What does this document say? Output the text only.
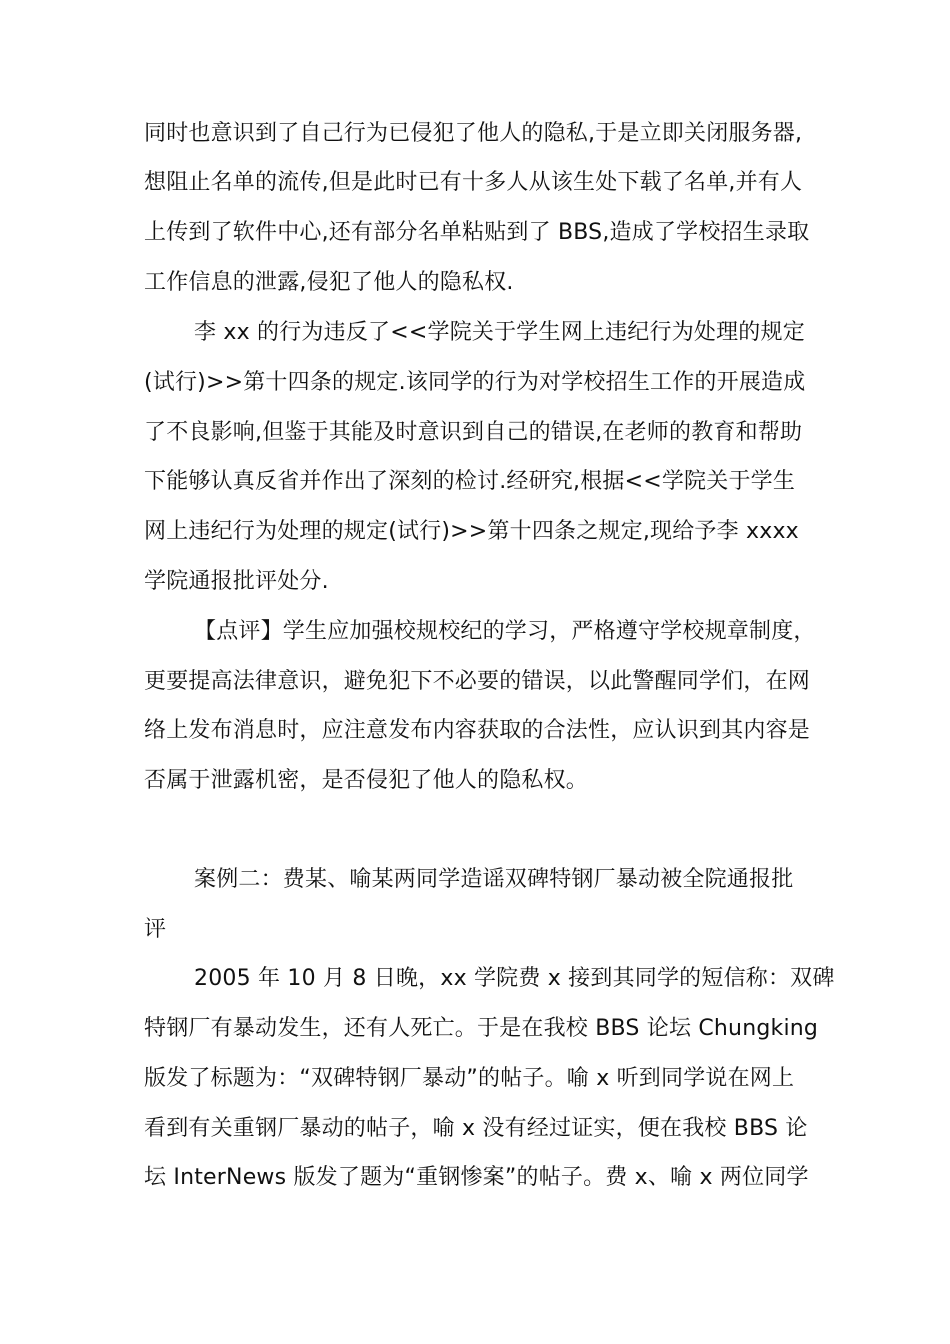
同时也意识到了自己行为已侵犯了他人的隐私,于是立即关闭服务器,
想阻止名单的流传,但是此时已有十多人从该生处下载了名单,并有人
上传到了软件中心,还有部分名单粘贴到了 BBS,造成了学校招生录取
工作信息的泄露,侵犯了他人的隐私权.
李 xx 的行为违反了<<学院关于学生网上违纪行为处理的规定
(试行)>>第十四条的规定.该同学的行为对学校招生工作的开展造成
了不良影响,但鉴于其能及时意识到自己的错误,在老师的教育和帮助
下能够认真反省并作出了深刻的检讨.经研究,根据<<学院关于学生
网上违纪行为处理的规定(试行)>>第十四条之规定,现给予李 xxxx
学院通报批评处分.
【点评】学生应加强校规校纪的学习，严格遵守学校规章制度，
更要提高法律意识，避免犯下不必要的错误，以此警醒同学们，在网
络上发布消息时，应注意发布内容获取的合法性，应认识到其内容是
否属于泄露机密，是否侵犯了他人的隐私权。
案例二：费某、喻某两同学造谣双碑特钢厂暴动被全院通报批
评
2005 年 10 月 8 日晚，xx 学院费 x 接到其同学的短信称：双碑
特钢厂有暴动发生，还有人死亡。于是在我校 BBS 论坛 Chungking
版发了标题为：“双碑特钢厂暴动”的帖子。喻 x 听到同学说在网上
看到有关重钢厂暴动的帖子，喻 x 没有经过证实，便在我校 BBS 论
坛 InterNews 版发了题为“重钢惨案”的帖子。费 x、喻 x 两位同学
